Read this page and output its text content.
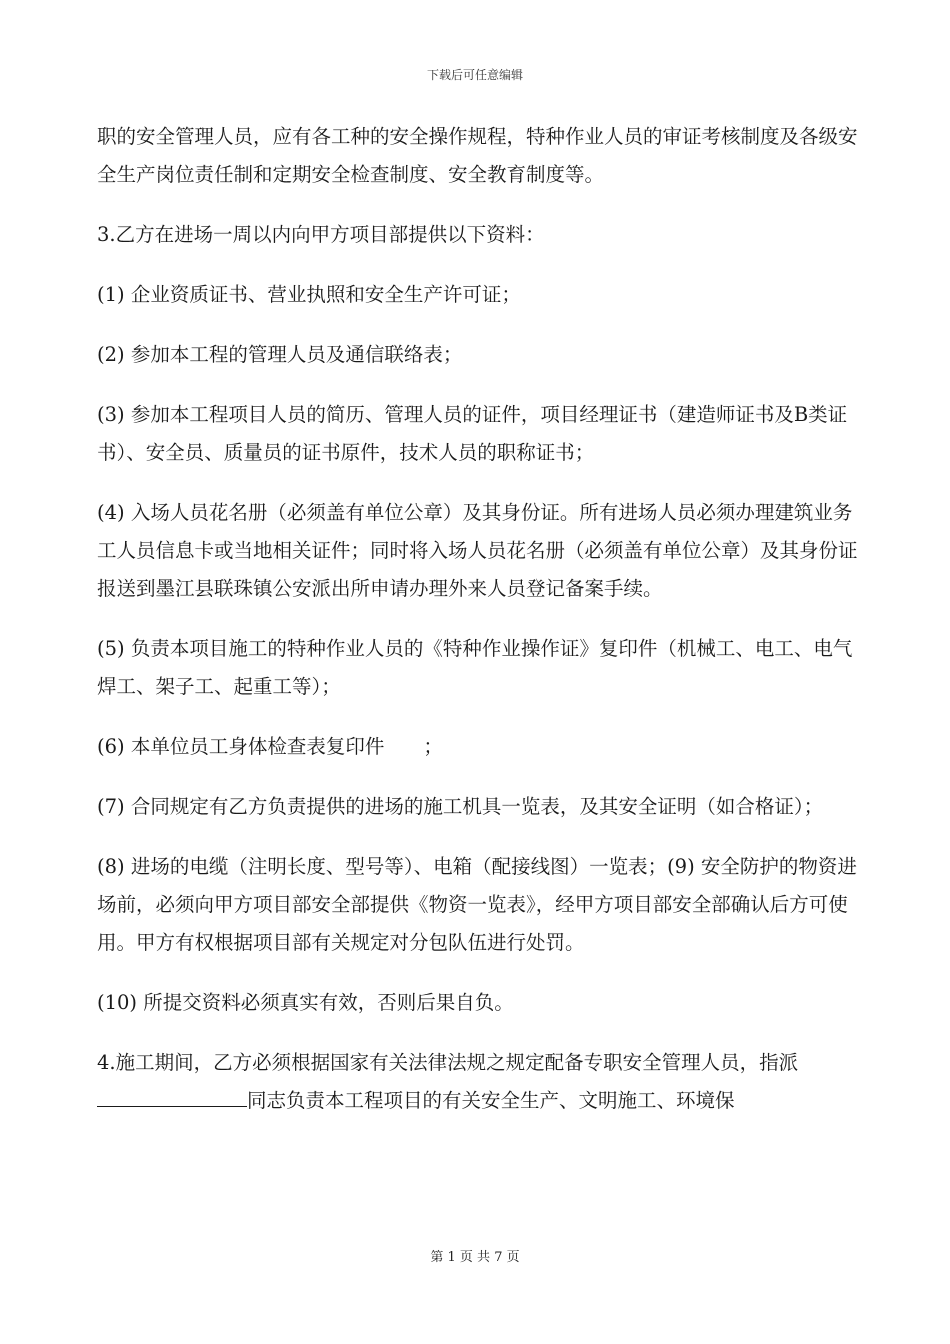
下载后可任意编辑

职的安全管理人员，应有各工种的安全操作规程，特种作业人员的审证考核制度及各级安全生产岗位责任制和定期安全检查制度、安全教育制度等。

3.乙方在进场一周以内向甲方项目部提供以下资料：

(1) 企业资质证书、营业执照和安全生产许可证；

(2) 参加本工程的管理人员及通信联络表；

(3) 参加本工程项目人员的简历、管理人员的证件，项目经理证书（建造师证书及B类证书）、安全员、质量员的证书原件，技术人员的职称证书；

(4) 入场人员花名册（必须盖有单位公章）及其身份证。所有进场人员必须办理建筑业务工人员信息卡或当地相关证件；同时将入场人员花名册（必须盖有单位公章）及其身份证报送到墨江县联珠镇公安派出所申请办理外来人员登记备案手续。

(5) 负责本项目施工的特种作业人员的《特种作业操作证》复印件（机械工、电工、电气焊工、架子工、起重工等）；

(6) 本单位员工身体检查表复印件　　；

(7) 合同规定有乙方负责提供的进场的施工机具一览表，及其安全证明（如合格证）；

(8) 进场的电缆（注明长度、型号等）、电箱（配接线图）一览表；(9) 安全防护的物资进场前，必须向甲方项目部安全部提供《物资一览表》，经甲方项目部安全部确认后方可使用。甲方有权根据项目部有关规定对分包队伍进行处罚。

(10) 所提交资料必须真实有效，否则后果自负。

4.施工期间，乙方必须根据国家有关法律法规之规定配备专职安全管理人员，指派同志负责本工程项目的有关安全生产、文明施工、环境保

第 1 页 共 7 页
